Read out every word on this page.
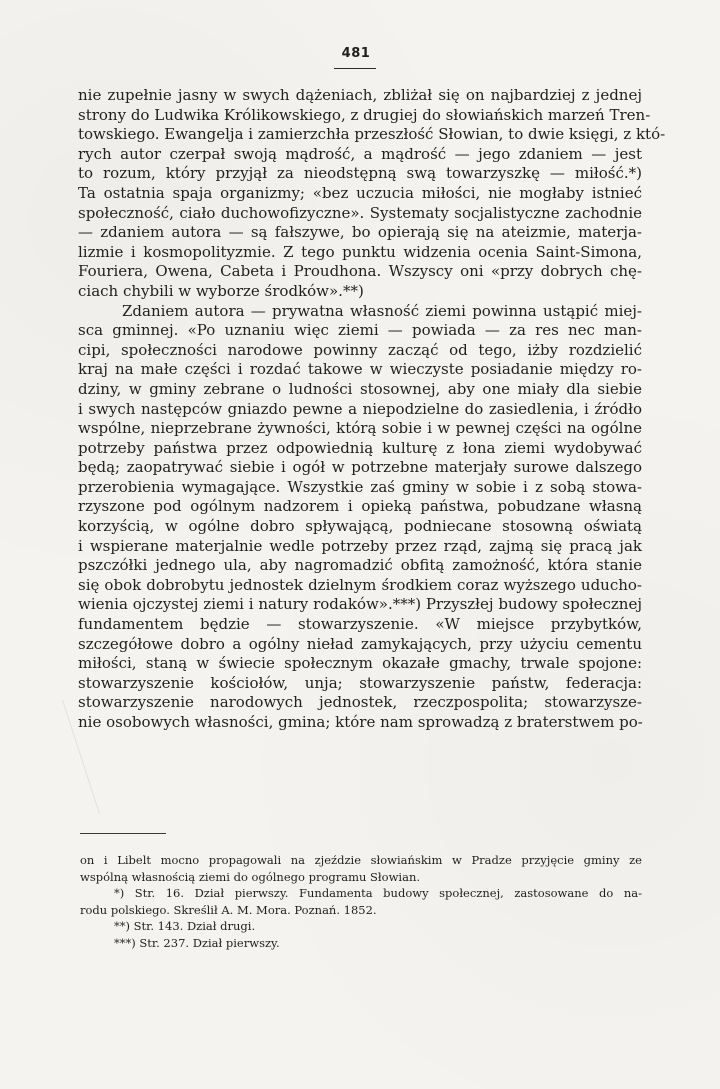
481
nie zupełnie jasny w swych dążeniach, zbliżał się on najbardziej z jednej
strony do Ludwika Królikowskiego, z drugiej do słowiańskich marzeń Tren-
towskiego. Ewangelja i zamierzchła przeszłość Słowian, to dwie księgi, z któ-
rych autor czerpał swoją mądrość, a mądrość — jego zdaniem — jest
to rozum, który przyjął za nieodstępną swą towarzyszkę — miłość.*)
Ta ostatnia spaja organizmy; «bez uczucia miłości, nie mogłaby istnieć
społeczność, ciało duchowofizyczne». Systematy socjalistyczne zachodnie
— zdaniem autora — są fałszywe, bo opierają się na ateizmie, materja-
lizmie i kosmopolityzmie. Z tego punktu widzenia ocenia Saint-Simona,
Fouriera, Owena, Cabeta i Proudhona. Wszyscy oni «przy dobrych chę-
ciach chybili w wyborze środków».**)
Zdaniem autora — prywatna własność ziemi powinna ustąpić miej-
sca gminnej. «Po uznaniu więc ziemi — powiada — za res nec man-
cipi, społeczności narodowe powinny zacząć od tego, iżby rozdzielić
kraj na małe części i rozdać takowe w wieczyste posiadanie między ro-
dziny, w gminy zebrane o ludności stosownej, aby one miały dla siebie
i swych następców gniazdo pewne a niepodzielne do zasiedlenia, i źródło
wspólne, nieprzebrane żywności, którą sobie i w pewnej części na ogólne
potrzeby państwa przez odpowiednią kulturę z łona ziemi wydobywać
będą; zaopatrywać siebie i ogół w potrzebne materjały surowe dalszego
przerobienia wymagające. Wszystkie zaś gminy w sobie i z sobą stowa-
rzyszone pod ogólnym nadzorem i opieką państwa, pobudzane własną
korzyścią, w ogólne dobro spływającą, podniecane stosowną oświatą
i wspierane materjalnie wedle potrzeby przez rząd, zajmą się pracą jak
pszczółki jednego ula, aby nagromadzić obfitą zamożność, która stanie
się obok dobrobytu jednostek dzielnym środkiem coraz wyższego uducho-
wienia ojczystej ziemi i natury rodaków».***) Przyszłej budowy społecznej
fundamentem będzie — stowarzyszenie. «W miejsce przybytków,
szczegółowe dobro a ogólny nieład zamykających, przy użyciu cementu
miłości, staną w świecie społecznym okazałe gmachy, trwale spojone:
stowarzyszenie kościołów, unja; stowarzyszenie państw, federacja:
stowarzyszenie narodowych jednostek, rzeczpospolita; stowarzysze-
nie osobowych własności, gmina; które nam sprowadzą z braterstwem po-
on i Libelt mocno propagowali na zjeździe słowiańskim w Pradze przyjęcie gminy ze
wspólną własnością ziemi do ogólnego programu Słowian.
*) Str. 16. Dział pierwszy. Fundamenta budowy społecznej, zastosowane do na-
rodu polskiego. Skreślił A. M. Mora. Poznań. 1852.
**) Str. 143. Dział drugi.
***) Str. 237. Dział pierwszy.
